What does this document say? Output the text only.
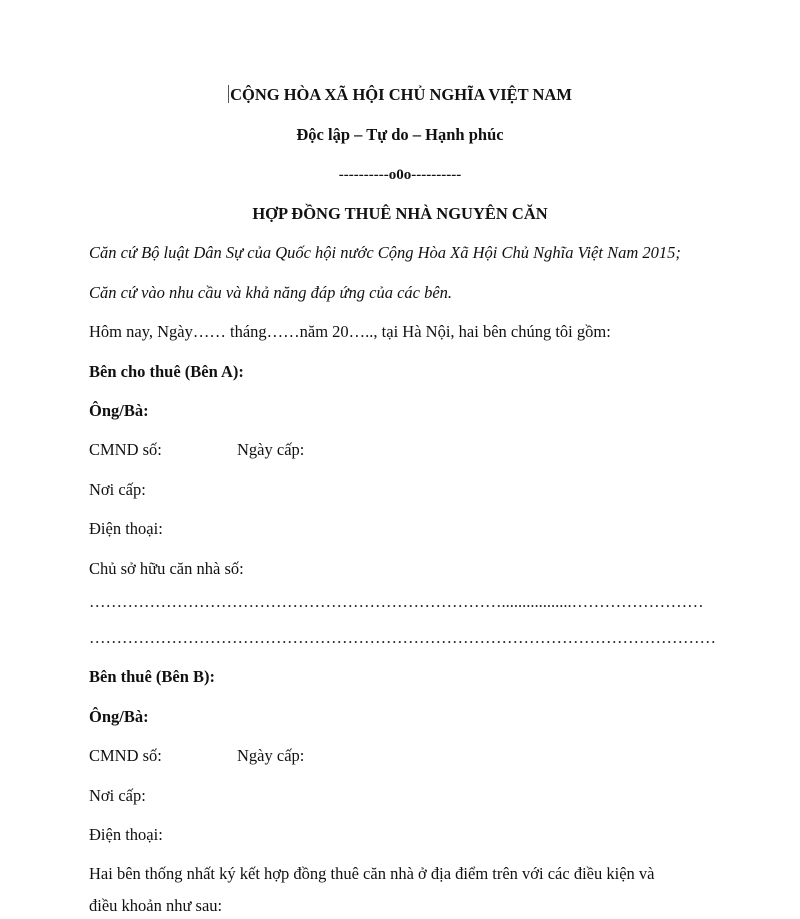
CỘNG HÒA XÃ HỘI CHỦ NGHĨA VIỆT NAM
Độc lập – Tự do – Hạnh phúc
----------o0o----------
HỢP ĐỒNG THUÊ NHÀ NGUYÊN CĂN
Căn cứ Bộ luật Dân Sự của Quốc hội nước Cộng Hòa Xã Hội Chủ Nghĩa Việt Nam 2015;
Căn cứ vào nhu cầu và khả năng đáp ứng của các bên.
Hôm nay, Ngày…… tháng……năm 20….., tại Hà Nội, hai bên chúng tôi gồm:
Bên cho thuê (Bên A):
Ông/Bà:
CMND số:	Ngày cấp:
Nơi cấp:
Điện thoại:
Chủ sở hữu căn nhà số:
………………………………………………………………….................……………………
……………………………………………………………………………………………………
Bên thuê (Bên B):
Ông/Bà:
CMND số:	Ngày cấp:
Nơi cấp:
Điện thoại:
Hai bên thống nhất ký kết hợp đồng thuê căn nhà ở địa điểm trên với các điều kiện và
điều khoản như sau:
